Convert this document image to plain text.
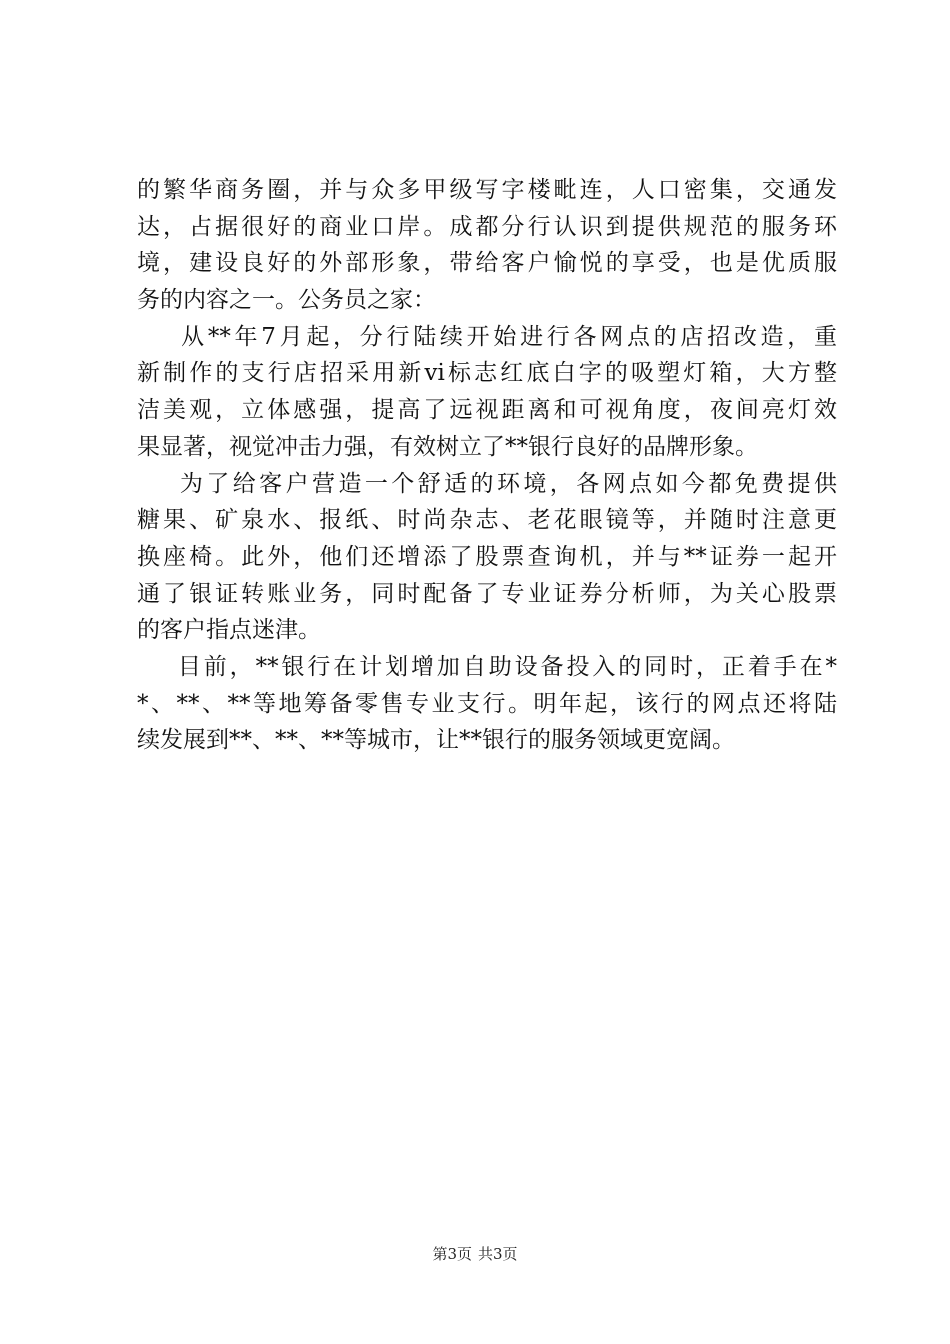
的繁华商务圈，并与众多甲级写字楼毗连，人口密集，交通发
达，占据很好的商业口岸。成都分行认识到提供规范的服务环
境，建设良好的外部形象，带给客户愉悦的享受，也是优质服
务的内容之一。公务员之家：
从**年7月起，分行陆续开始进行各网点的店招改造，重
新制作的支行店招采用新vi标志红底白字的吸塑灯箱，大方整
洁美观，立体感强，提高了远视距离和可视角度，夜间亮灯效
果显著，视觉冲击力强，有效树立了**银行良好的品牌形象。
为了给客户营造一个舒适的环境，各网点如今都免费提供
糖果、矿泉水、报纸、时尚杂志、老花眼镜等，并随时注意更
换座椅。此外，他们还增添了股票查询机，并与**证券一起开
通了银证转账业务，同时配备了专业证券分析师，为关心股票
的客户指点迷津。
目前，**银行在计划增加自助设备投入的同时，正着手在*
*、**、**等地筹备零售专业支行。明年起，该行的网点还将陆
续发展到**、**、**等城市，让**银行的服务领域更宽阔。
第3页 共3页
